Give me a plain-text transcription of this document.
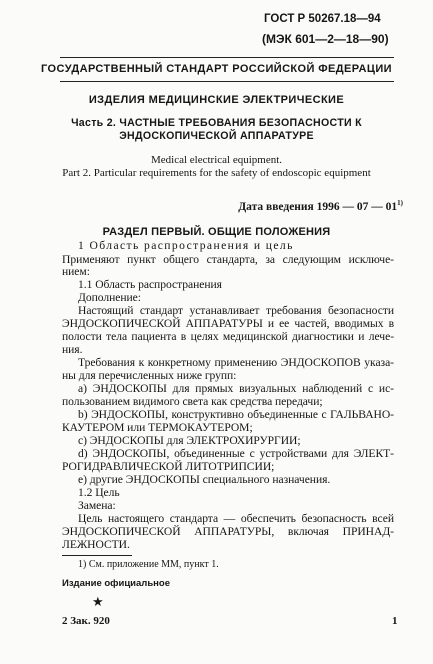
ГОСТ Р 50267.18—94
(МЭК 601—2—18—90)
ГОСУДАРСТВЕННЫЙ СТАНДАРТ РОССИЙСКОЙ ФЕДЕРАЦИИ
ИЗДЕЛИЯ МЕДИЦИНСКИЕ ЭЛЕКТРИЧЕСКИЕ
Часть 2. ЧАСТНЫЕ ТРЕБОВАНИЯ БЕЗОПАСНОСТИ К
ЭНДОСКОПИЧЕСКОЙ АППАРАТУРЕ
Medical electrical equipment.
Part 2. Particular requirements for the safety of endoscopic equipment
Дата введения 1996 — 07 — 01$^{1)}$
РАЗДЕЛ ПЕРВЫЙ. ОБЩИЕ ПОЛОЖЕНИЯ
1 Область распространения и цель
Применяют пункт общего стандарта, за следующим исключе-
нием:
1.1 Область распространения
Дополнение:
Настоящий стандарт устанавливает требования безопасности
ЭНДОСКОПИЧЕСКОЙ АППАРАТУРЫ и ее частей, вводимых в
полости тела пациента в целях медицинской диагностики и лече-
ния.
Требования к конкретному применению ЭНДОСКОПОВ указа-
ны для перечисленных ниже групп:
a) ЭНДОСКОПЫ для прямых визуальных наблюдений с ис-
пользованием видимого света как средства передачи;
b) ЭНДОСКОПЫ, конструктивно объединенные с ГАЛЬВАНО-
КАУТЕРОМ или ТЕРМОКАУТЕРОМ;
c) ЭНДОСКОПЫ для ЭЛЕКТРОХИРУРГИИ;
d) ЭНДОСКОПЫ, объединенные с устройствами для ЭЛЕКТ-
РОГИДРАВЛИЧЕСКОЙ ЛИТОТРИПСИИ;
e) другие ЭНДОСКОПЫ специального назначения.
1.2 Цель
Замена:
Цель настоящего стандарта — обеспечить безопасность всей
ЭНДОСКОПИЧЕСКОЙ АППАРАТУРЫ, включая ПРИНАД-
ЛЕЖНОСТИ.
1) См. приложение ММ, пункт 1.
Издание официальное
★
2 Зак. 920	1
